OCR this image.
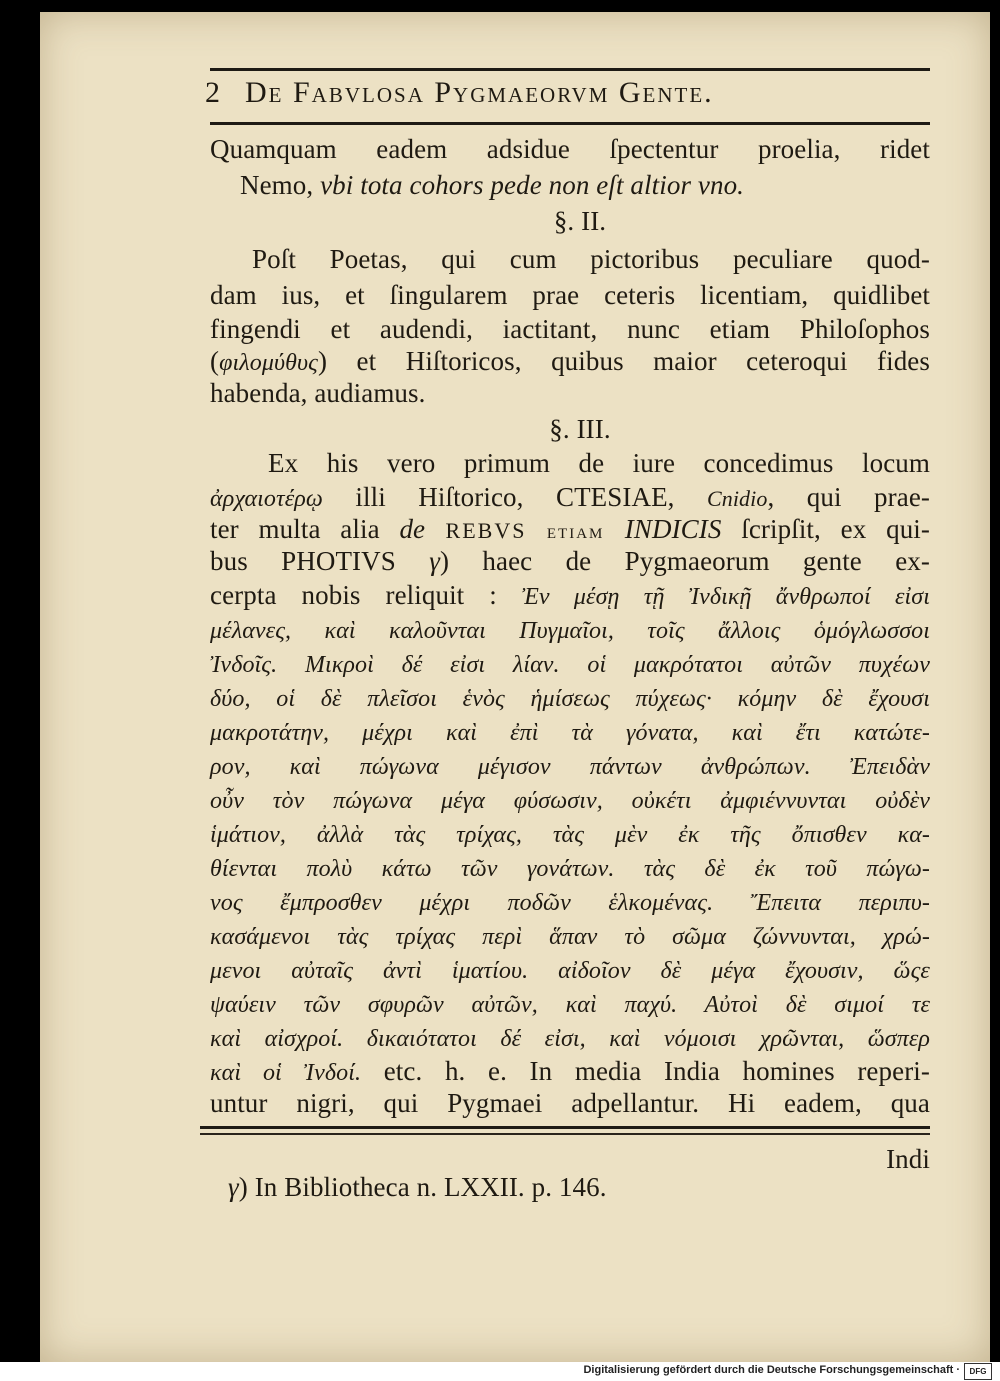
2 De Fabvlosa Pygmaeorvm Gente.
Quamquam eadem adsidue ſpectentur proelia, ridet
Nemo, vbi tota cohors pede non eſt altior vno.
§. II.
Poſt Poetas, qui cum pictoribus peculiare quod-
dam ius, et ſingularem prae ceteris licentiam, quidlibet
fingendi et audendi, iactitant, nunc etiam Philoſophos
(φιλομύθυς) et Hiſtoricos, quibus maior ceteroqui fides
habenda, audiamus.
§. III.
Ex his vero primum de iure concedimus locum
ἀρχαιοτέρῳ illi Hiſtorico, CTESIAE, Cnidio, qui prae-
ter multa alia de REBVS etiam INDICIS ſcripſit, ex qui-
bus PHOTIVS γ) haec de Pygmaeorum gente ex-
cerpta nobis reliquit : Ἐν μέσῃ τῇ Ἰνδικῇ ἄνθρωποί εἰσι
μέλανες, καὶ καλοῦνται Πυγμαῖοι, τοῖς ἄλλοις ὁμόγλωσσοι
Ἰνδοῖς. Μικροὶ δέ εἰσι λίαν. οἱ μακρότατοι αὐτῶν πυχέων
δύο, οἱ δὲ πλεῖσοι ἑνὸς ἡμίσεως πύχεως· κόμην δὲ ἔχουσι
μακροτάτην, μέχρι καὶ ἐπὶ τὰ γόνατα, καὶ ἔτι κατώτε-
ρον, καὶ πώγωνα μέγισον πάντων ἀνθρώπων. Ἐπειδὰν
οὖν τὸν πώγωνα μέγα φύσωσιν, οὐκέτι ἀμφιέννυνται οὐδὲν
ἱμάτιον, ἀλλὰ τὰς τρίχας, τὰς μὲν ἐκ τῆς ὄπισθεν κα-
θίενται πολὺ κάτω τῶν γονάτων. τὰς δὲ ἐκ τοῦ πώγω-
νος ἔμπροσθεν μέχρι ποδῶν ἑλκομένας. Ἔπειτα περιπυ-
κασάμενοι τὰς τρίχας περὶ ἅπαν τὸ σῶμα ζώννυνται, χρώ-
μενοι αὐταῖς ἀντὶ ἱματίου. αἰδοῖον δὲ μέγα ἔχουσιν, ὥςε
ψαύειν τῶν σφυρῶν αὐτῶν, καὶ παχύ. Αὐτοὶ δὲ σιμοί τε
καὶ αἰσχροί. δικαιότατοι δέ εἰσι, καὶ νόμοισι χρῶνται, ὥσπερ
καὶ οἱ Ἰνδοί. etc. h. e. In media India homines reperi-
untur nigri, qui Pygmaei adpellantur. Hi eadem, qua
Indi
γ) In Bibliotheca n. LXXII. p. 146.
Digitalisierung gefördert durch die Deutsche Forschungsgemeinschaft ·	DFG
